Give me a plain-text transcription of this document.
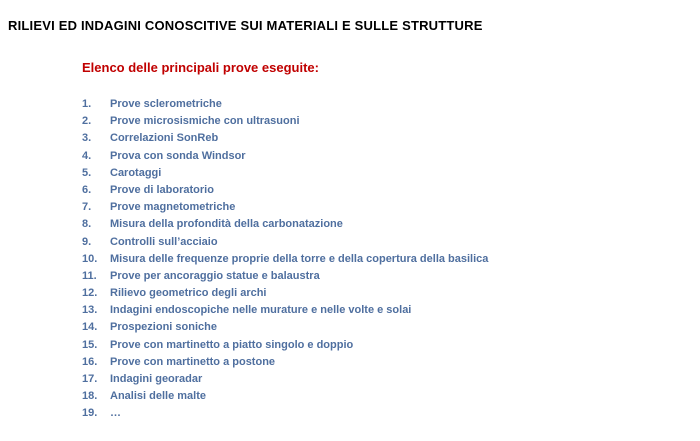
RILIEVI ED INDAGINI CONOSCITIVE SUI MATERIALI E SULLE STRUTTURE
Elenco delle principali prove eseguite:
1.	Prove sclerometriche
2.	Prove microsismiche con ultrasuoni
3.	Correlazioni SonReb
4.	Prova con sonda Windsor
5.	Carotaggi
6.	Prove di laboratorio
7.	Prove magnetometriche
8.	Misura della profondità della carbonatazione
9.	Controlli sull’acciaio
10.	Misura delle frequenze proprie della torre e della copertura della basilica
11.	Prove per ancoraggio statue e balaustra
12.	Rilievo geometrico degli archi
13.	Indagini endoscopiche nelle murature e nelle volte e solai
14.	Prospezioni soniche
15.	Prove con martinetto a piatto singolo e doppio
16.	Prove con martinetto a postone
17.	Indagini georadar
18.	Analisi delle malte
19.	…
